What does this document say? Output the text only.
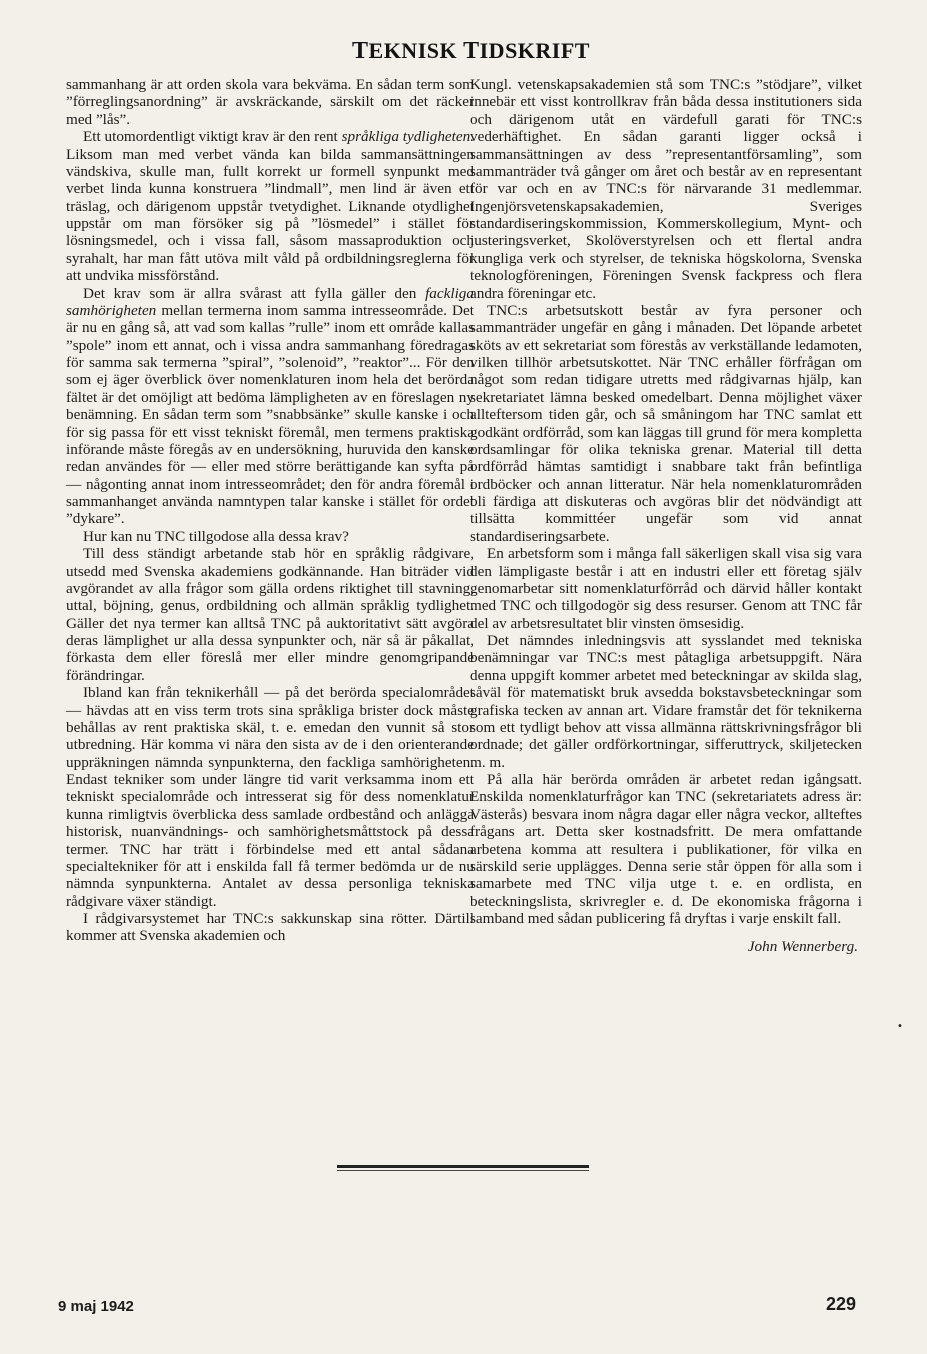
TEKNISK TIDSKRIFT

sammanhang är att orden skola vara bekväma. En sådan term som ”förreglingsanordning” är avskräckande, särskilt om det räcker med ”lås”.

Ett utomordentligt viktigt krav är den rent språkliga tydligheten. Liksom man med verbet vända kan bilda sammansättningen vändskiva, skulle man, fullt korrekt ur formell synpunkt med verbet linda kunna konstruera ”lindmall”, men lind är även ett träslag, och därigenom uppstår tvetydighet. Liknande otydlighet uppstår om man försöker sig på ”lösmedel” i stället för lösningsmedel, och i vissa fall, såsom massaproduktion och syrahalt, har man fått utöva milt våld på ordbildningsreglerna för att undvika missförstånd.

Det krav som är allra svårast att fylla gäller den fackliga samhörigheten mellan termerna inom samma intresseområde. Det är nu en gång så, att vad som kallas ”rulle” inom ett område kallas ”spole” inom ett annat, och i vissa andra sammanhang föredragas för samma sak termerna ”spiral”, ”solenoid”, ”reaktor”... För den som ej äger överblick över nomenklaturen inom hela det berörda fältet är det omöjligt att bedöma lämpligheten av en föreslagen ny benämning. En sådan term som ”snabbsänke” skulle kanske i och för sig passa för ett visst tekniskt föremål, men termens praktiska införande måste föregås av en undersökning, huruvida den kanske redan användes för — eller med större berättigande kan syfta på — någonting annat inom intresseområdet; den för andra föremål i sammanhanget använda namntypen talar kanske i stället för ordet ”dykare”.

Hur kan nu TNC tillgodose alla dessa krav?

Till dess ständigt arbetande stab hör en språklig rådgivare, utsedd med Svenska akademiens godkännande. Han biträder vid avgörandet av alla frågor som gälla ordens riktighet till stavning, uttal, böjning, genus, ordbildning och allmän språklig tydlighet. Gäller det nya termer kan alltså TNC på auktoritativt sätt avgöra deras lämplighet ur alla dessa synpunkter och, när så är påkallat, förkasta dem eller föreslå mer eller mindre genomgripande förändringar.

Ibland kan från teknikerhåll — på det berörda specialområdet — hävdas att en viss term trots sina språkliga brister dock måste behållas av rent praktiska skäl, t. e. emedan den vunnit så stor utbredning. Här komma vi nära den sista av de i den orienterande uppräkningen nämnda synpunkterna, den fackliga samhörigheten. Endast tekniker som under längre tid varit verksamma inom ett tekniskt specialområde och intresserat sig för dess nomenklatur kunna rimligtvis överblicka dess samlade ordbestånd och anlägga historisk, nuanvändnings- och samhörighetsmåttstock på dessa termer. TNC har trätt i förbindelse med ett antal sådana specialtekniker för att i enskilda fall få termer bedömda ur de nu nämnda synpunkterna. Antalet av dessa personliga tekniska rådgivare växer ständigt.

I rådgivarsystemet har TNC:s sakkunskap sina rötter. Därtill kommer att Svenska akademien och

Kungl. vetenskapsakademien stå som TNC:s ”stödjare”, vilket innebär ett visst kontrollkrav från båda dessa institutioners sida och därigenom utåt en värdefull garati för TNC:s vederhäftighet. En sådan garanti ligger också i sammansättningen av dess ”representantförsamling”, som sammanträder två gånger om året och består av en representant för var och en av TNC:s för närvarande 31 medlemmar. Ingenjörsvetenskapsakademien, Sveriges standardiseringskommission, Kommerskollegium, Mynt- och justeringsverket, Skolöverstyrelsen och ett flertal andra kungliga verk och styrelser, de tekniska högskolorna, Svenska teknologföreningen, Föreningen Svensk fackpress och flera andra föreningar etc.

TNC:s arbetsutskott består av fyra personer och sammanträder ungefär en gång i månaden. Det löpande arbetet sköts av ett sekretariat som förestås av verkställande ledamoten, vilken tillhör arbetsutskottet. När TNC erhåller förfrågan om något som redan tidigare utretts med rådgivarnas hjälp, kan sekretariatet lämna besked omedelbart. Denna möjlighet växer allteftersom tiden går, och så småningom har TNC samlat ett godkänt ordförråd, som kan läggas till grund för mera kompletta ordsamlingar för olika tekniska grenar. Material till detta ordförråd hämtas samtidigt i snabbare takt från befintliga ordböcker och annan litteratur. När hela nomenklaturområden bli färdiga att diskuteras och avgöras blir det nödvändigt att tillsätta kommittéer ungefär som vid annat standardiseringsarbete.

En arbetsform som i många fall säkerligen skall visa sig vara den lämpligaste består i att en industri eller ett företag själv genomarbetar sitt nomenklaturförråd och därvid håller kontakt med TNC och tillgodogör sig dess resurser. Genom att TNC får del av arbetsresultatet blir vinsten ömsesidig.

Det nämndes inledningsvis att sysslandet med tekniska benämningar var TNC:s mest påtagliga arbetsuppgift. Nära denna uppgift kommer arbetet med beteckningar av skilda slag, såväl för matematiskt bruk avsedda bokstavsbeteckningar som grafiska tecken av annan art. Vidare framstår det för teknikerna som ett tydligt behov att vissa allmänna rättskrivningsfrågor bli ordnade; det gäller ordförkortningar, sifferuttryck, skiljetecken m. m.

På alla här berörda områden är arbetet redan igångsatt. Enskilda nomenklaturfrågor kan TNC (sekretariatets adress är: Västerås) besvara inom några dagar eller några veckor, allteftes frågans art. Detta sker kostnadsfritt. De mera omfattande arbetena komma att resultera i publikationer, för vilka en särskild serie upplägges. Denna serie står öppen för alla som i samarbete med TNC vilja utge t. e. en ordlista, en beteckningslista, skrivregler e. d. De ekonomiska frågorna i samband med sådan publicering få dryftas i varje enskilt fall.

John Wennerberg.
•
9 maj 1942	229
